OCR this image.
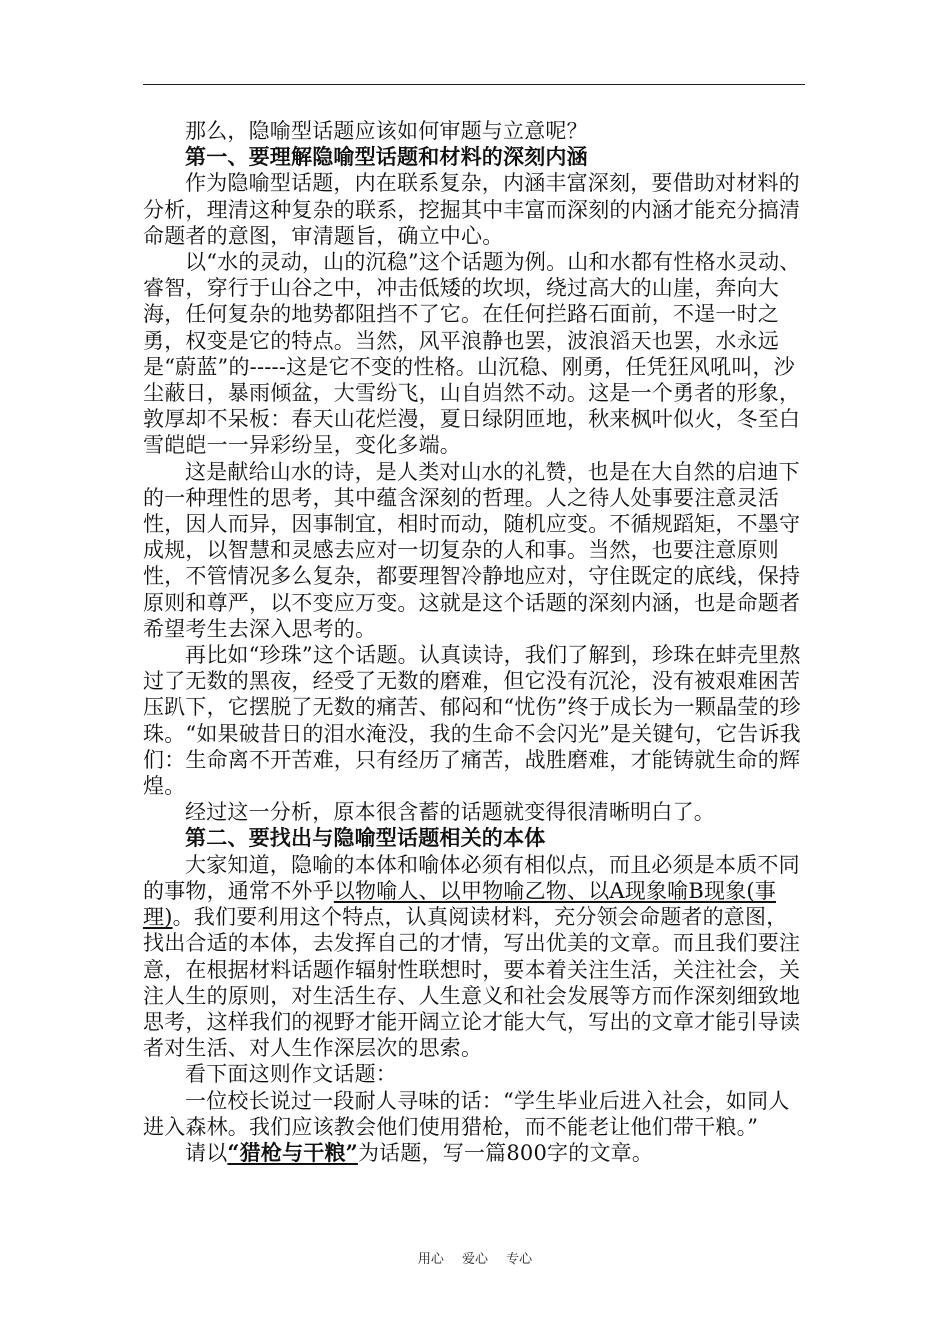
那么，隐喻型话题应该如何审题与立意呢？

第一、要理解隐喻型话题和材料的深刻内涵

作为隐喻型话题，内在联系复杂，内涵丰富深刻，要借助对材料的分析，理清这种复杂的联系，挖掘其中丰富而深刻的内涵才能充分搞清命题者的意图，审清题旨，确立中心。

以“水的灵动，山的沉稳”这个话题为例。山和水都有性格水灵动、睿智，穿行于山谷之中，冲击低矮的坎坝，绕过高大的山崖，奔向大海，任何复杂的地势都阻挡不了它。在任何拦路石面前，不逞一时之勇，权变是它的特点。当然，风平浪静也罢，波浪滔天也罢，水永远是“蔚蓝”的-----这是它不变的性格。山沉稳、刚勇，任凭狂风吼叫，沙尘蔽日，暴雨倾盆，大雪纷飞，山自岿然不动。这是一个勇者的形象，敦厚却不呆板：春天山花烂漫，夏日绿阴匝地，秋来枫叶似火，冬至白雪皑皑一一异彩纷呈，变化多端。

这是献给山水的诗，是人类对山水的礼赞，也是在大自然的启迪下的一种理性的思考，其中蕴含深刻的哲理。人之待人处事要注意灵活性，因人而异，因事制宜，相时而动，随机应变。不循规蹈矩，不墨守成规，以智慧和灵感去应对一切复杂的人和事。当然，也要注意原则性，不管情况多么复杂，都要理智冷静地应对，守住既定的底线，保持原则和尊严，以不变应万变。这就是这个话题的深刻内涵，也是命题者希望考生去深入思考的。

再比如“珍珠”这个话题。认真读诗，我们了解到，珍珠在蚌壳里熬过了无数的黑夜，经受了无数的磨难，但它没有沉沦，没有被艰难困苦压趴下，它摆脱了无数的痛苦、郁闷和“忧伤”终于成长为一颗晶莹的珍珠。“如果破昔日的泪水淹没，我的生命不会闪光”是关键句，它告诉我们：生命离不开苦难，只有经历了痛苦，战胜磨难，才能铸就生命的辉煌。

经过这一分析，原本很含蓄的话题就变得很清晰明白了。

第二、要找出与隐喻型话题相关的本体

大家知道，隐喻的本体和喻体必须有相似点，而且必须是本质不同的事物，通常不外乎以物喻人、以甲物喻乙物、以A现象喻B现象(事理)。我们要利用这个特点，认真阅读材料，充分领会命题者的意图，找出合适的本体，去发挥自己的才情，写出优美的文章。而且我们要注意，在根据材料话题作辐射性联想时，要本着关注生活，关注社会，关注人生的原则，对生活生存、人生意义和社会发展等方而作深刻细致地思考，这样我们的视野才能开阔立论才能大气，写出的文章才能引导读者对生活、对人生作深层次的思索。

看下面这则作文话题：

一位校长说过一段耐人寻味的话：“学生毕业后进入社会，如同人进入森林。我们应该教会他们使用猎枪，而不能老让他们带干粮。”

请以“猎枪与干粮”为话题，写一篇800字的文章。

用心 爱心 专心
